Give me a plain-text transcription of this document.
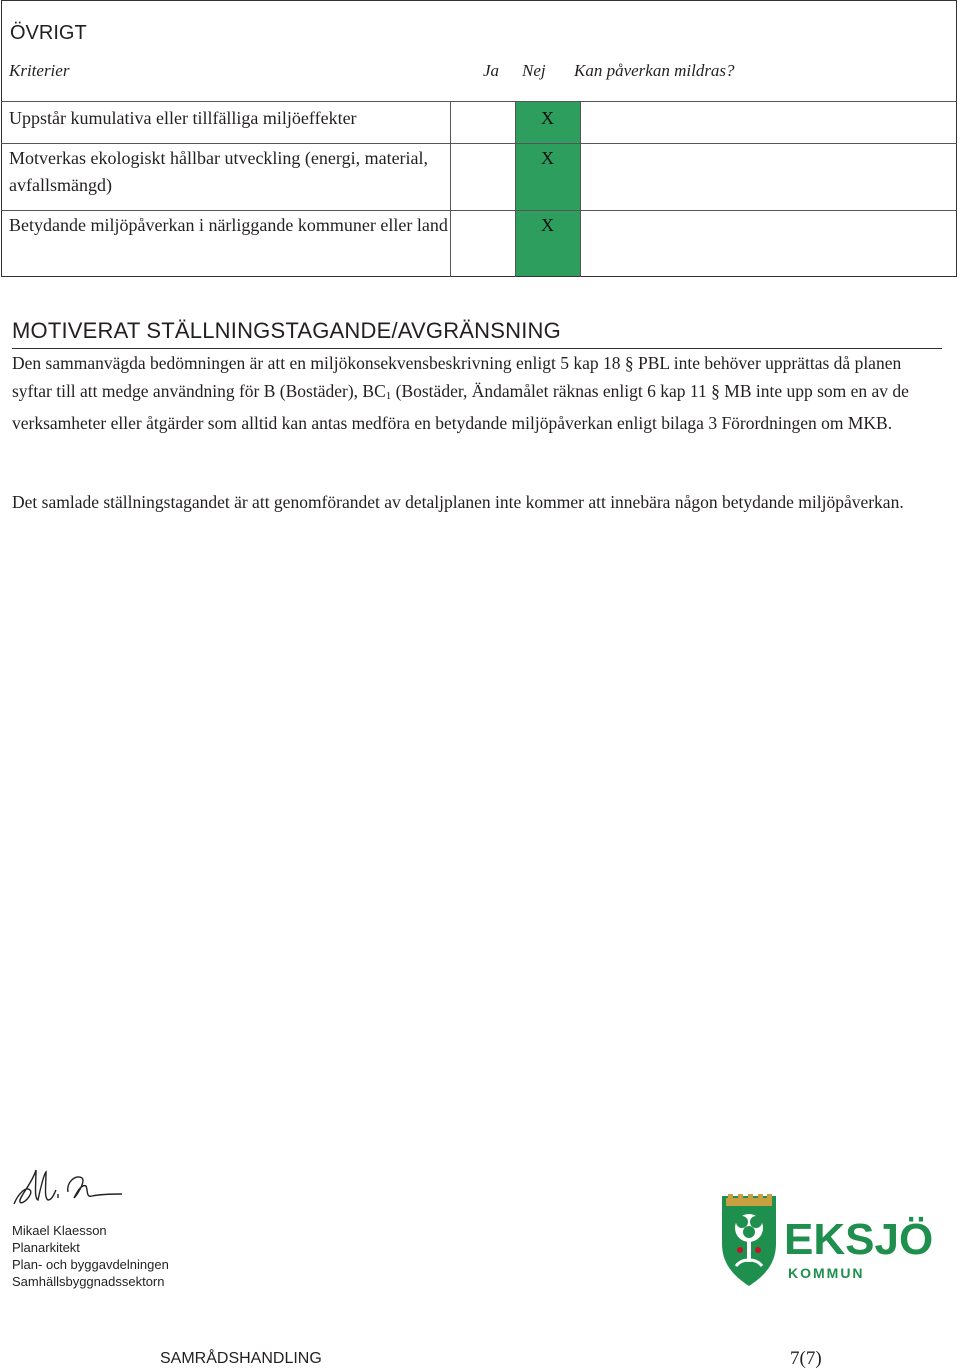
ÖVRIGT
Kriterier	Ja Nej Kan påverkan mildras?
Uppstår kumulativa eller tillfälliga miljöeffekter
Motverkas ekologiskt hållbar utveckling (energi, material, avfallsmängd)
Betydande miljöpåverkan i närliggande kommuner eller land
X
X
X
MOTIVERAT STÄLLNINGSTAGANDE/AVGRÄNSNING
Den sammanvägda bedömningen är att en miljökonsekvensbeskrivning enligt 5 kap 18 § PBL inte behöver upprättas då planen syftar till att medge användning för B (Bostäder), BC1 (Bostäder, Ändamålet räknas enligt 6 kap 11 § MB inte upp som en av de verksamheter eller åtgärder som alltid kan antas medföra en betydande miljöpåverkan enligt bilaga 3 Förordningen om MKB.
Det samlade ställningstagandet är att genomförandet av detaljplanen inte kommer att innebära någon betydande miljöpåverkan.
Mikael Klaesson
Planarkitekt
Plan- och byggavdelningen
Samhällsbyggnadssektorn
EKSJÖ
KOMMUN
SAMRÅDSHANDLING	7(7)
